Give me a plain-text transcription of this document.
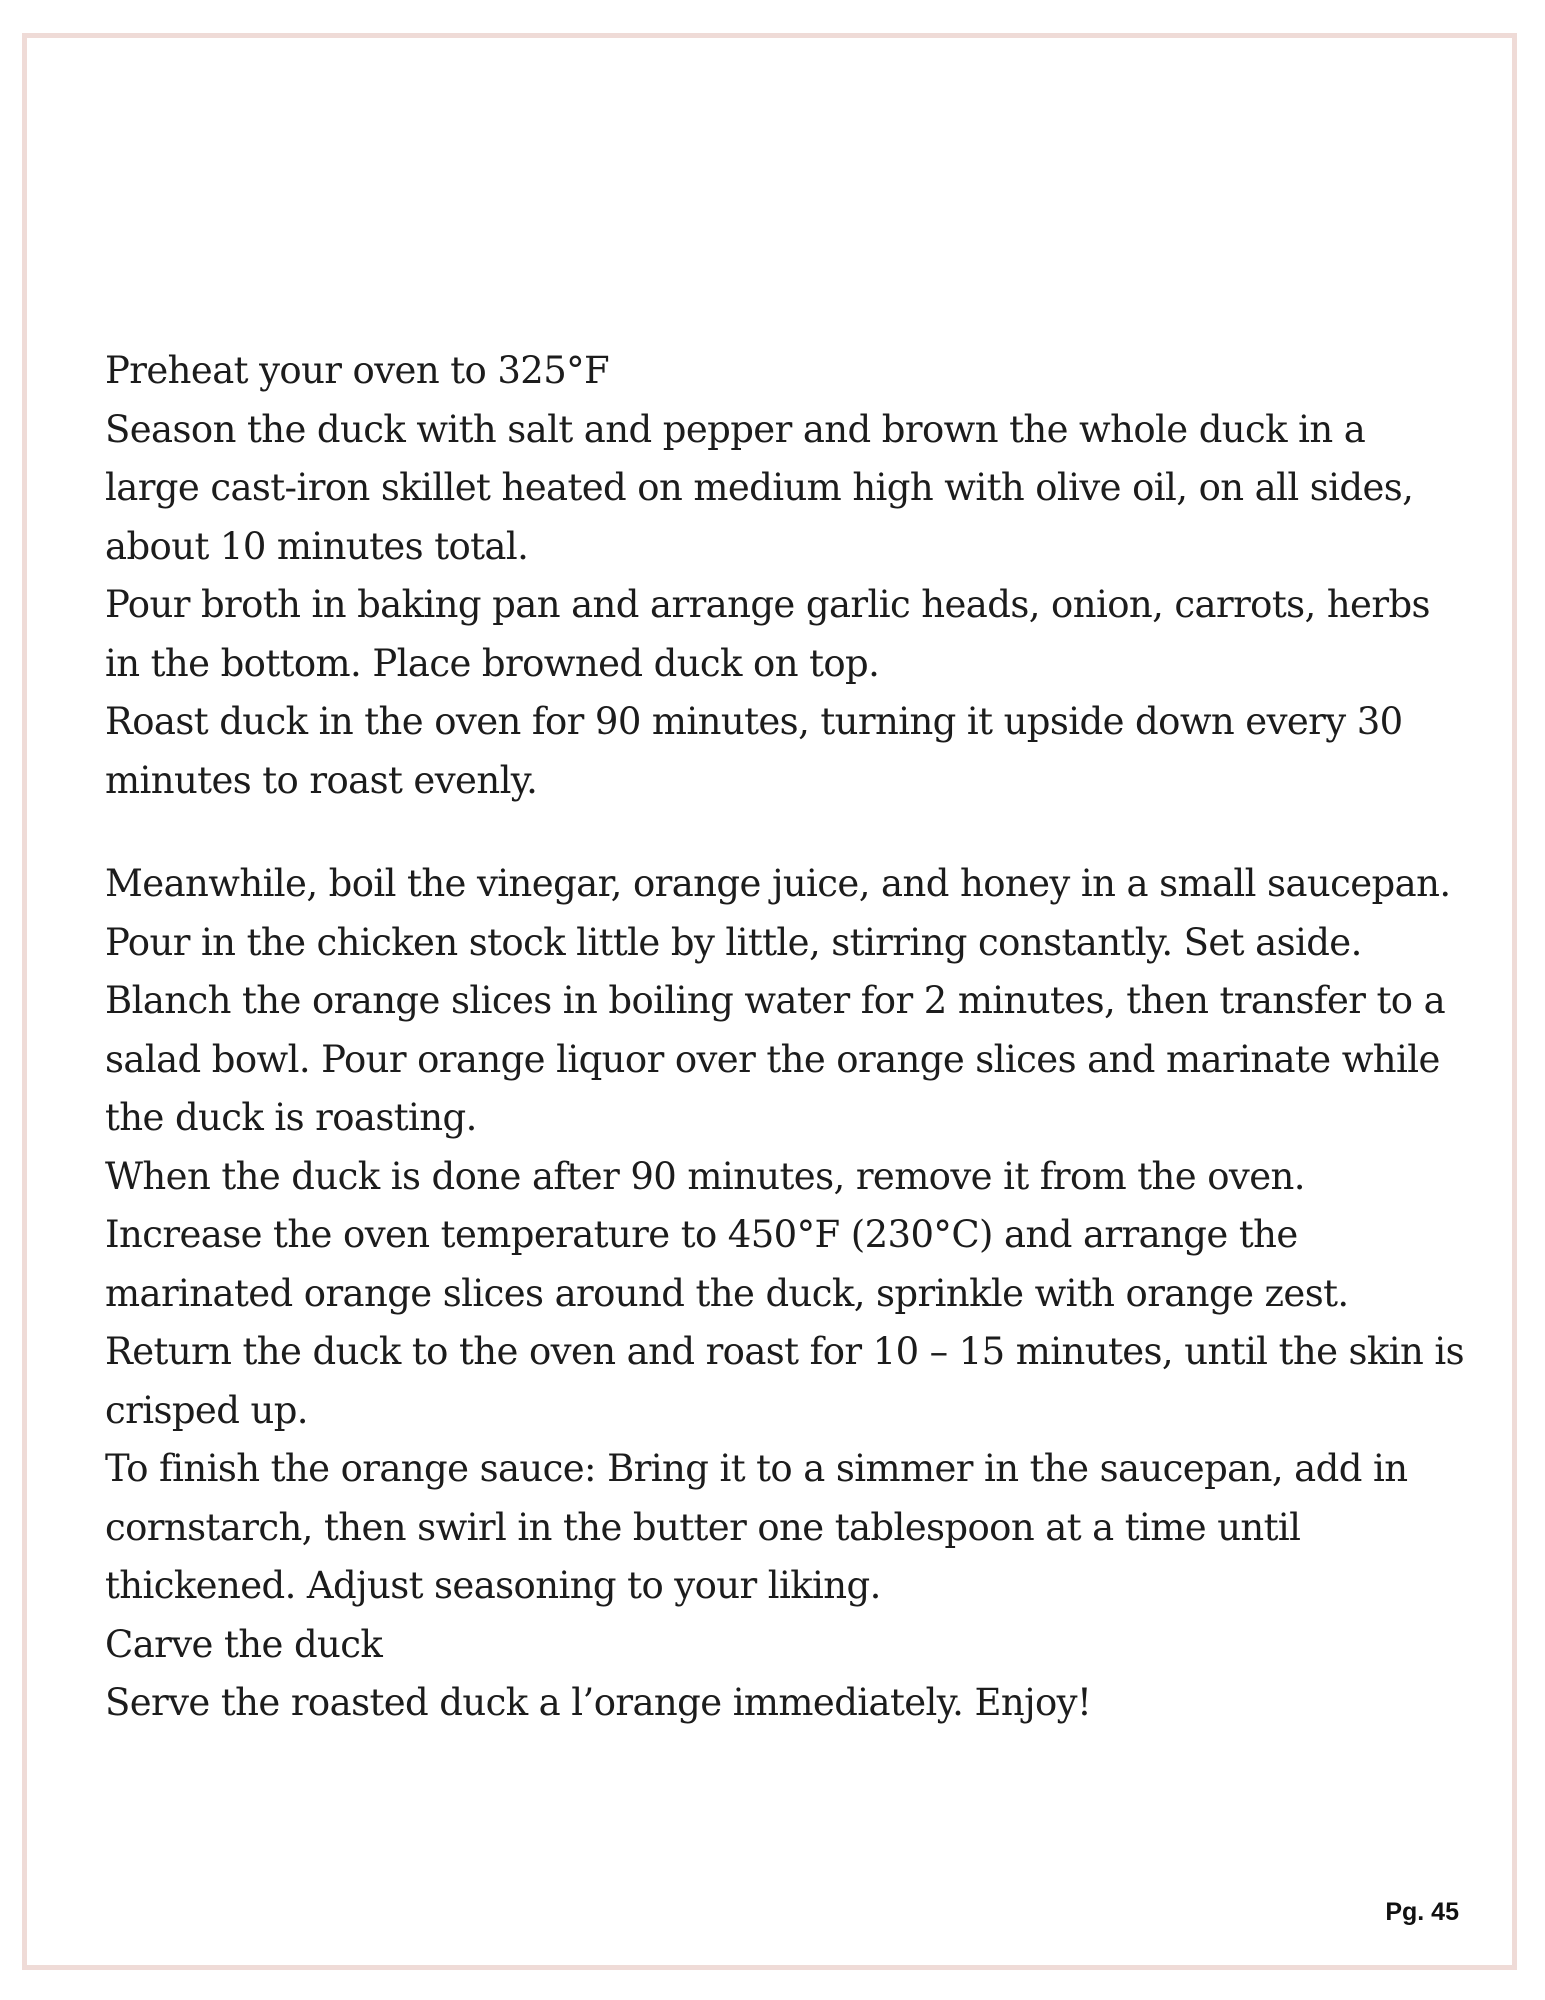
Preheat your oven to 325°F

Season the duck with salt and pepper and brown the whole duck in a large cast-iron skillet heated on medium high with olive oil, on all sides, about 10 minutes total.

Pour broth in baking pan and arrange garlic heads, onion, carrots, herbs in the bottom. Place browned duck on top.

Roast duck in the oven for 90 minutes, turning it upside down every 30 minutes to roast evenly.

Meanwhile, boil the vinegar, orange juice, and honey in a small saucepan. Pour in the chicken stock little by little, stirring constantly. Set aside.

Blanch the orange slices in boiling water for 2 minutes, then transfer to a salad bowl. Pour orange liquor over the orange slices and marinate while the duck is roasting.

When the duck is done after 90 minutes, remove it from the oven.

Increase the oven temperature to 450°F (230°C) and arrange the marinated orange slices around the duck, sprinkle with orange zest.

Return the duck to the oven and roast for 10 – 15 minutes, until the skin is crisped up.

To finish the orange sauce: Bring it to a simmer in the saucepan, add in cornstarch, then swirl in the butter one tablespoon at a time until thickened. Adjust seasoning to your liking.

Carve the duck

Serve the roasted duck a l’orange immediately. Enjoy!

Pg. 45
